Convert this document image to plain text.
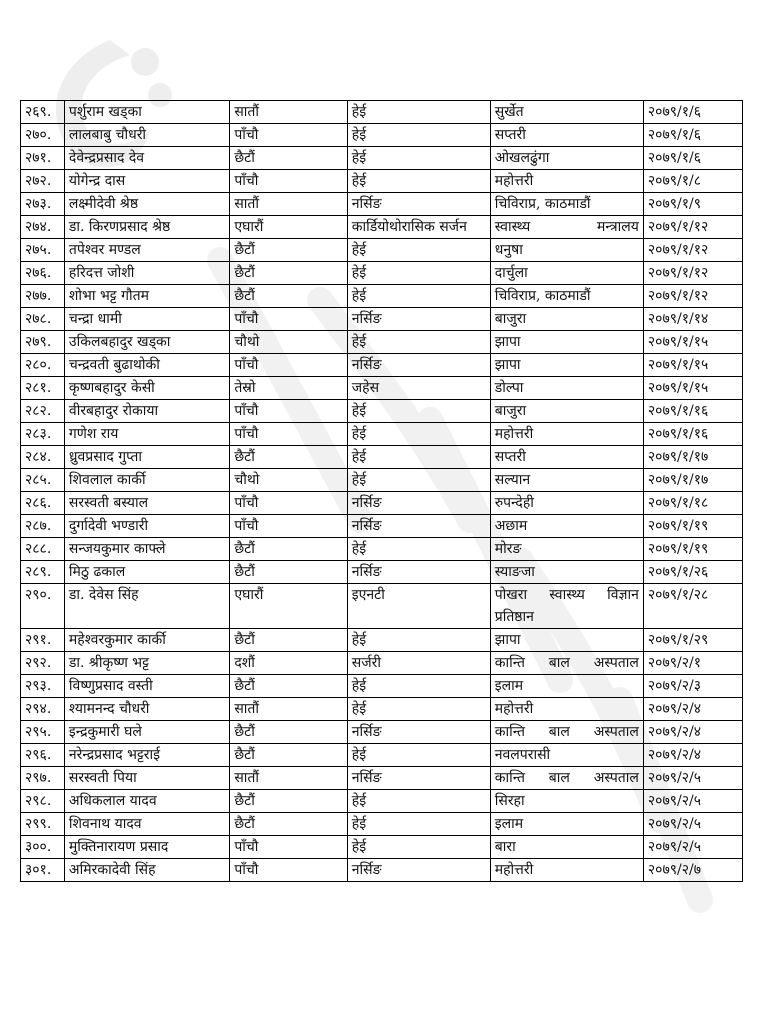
२६९.	पर्शुराम खड्का	सातौं	हेई	सुर्खेत	२०७९/१/६
२७०.	लालबाबु चौधरी	पाँचौ	हेई	सप्तरी	२०७९/१/६
२७१.	देवेन्द्रप्रसाद देव	छैटौं	हेई	ओखलढुंगा	२०७९/१/६
२७२.	योगेन्द्र दास	पाँचौ	हेई	महोत्तरी	२०७९/१/८
२७३.	लक्ष्मीदेवी श्रेष्ठ	सातौं	नर्सिङ	चिविराप्र, काठमाडौं	२०७९/१/९
२७४.	डा. किरणप्रसाद श्रेष्ठ	एघारौं	कार्डियोथोरासिक सर्जन	स्वास्थ्य मन्त्रालय	२०७९/१/१२
२७५.	तपेश्वर मण्डल	छैटौं	हेई	धनुषा	२०७९/१/१२
२७६.	हरिदत्त जोशी	छैटौं	हेई	दार्चुला	२०७९/१/१२
२७७.	शोभा भट्ट गौतम	छैटौं	हेई	चिविराप्र, काठमाडौं	२०७९/१/१२
२७८.	चन्द्रा धामी	पाँचौ	नर्सिङ	बाजुरा	२०७९/१/१४
२७९.	उकिलबहादुर खड्का	चौथो	हेई	झापा	२०७९/१/१५
२८०.	चन्द्रवती बुढाथोकी	पाँचौ	नर्सिङ	झापा	२०७९/१/१५
२८१.	कृष्णबहादुर केसी	तेस्रो	जहेस	डोल्पा	२०७९/१/१५
२८२.	वीरबहादुर रोकाया	पाँचौ	हेई	बाजुरा	२०७९/१/१६
२८३.	गणेश राय	पाँचौ	हेई	महोत्तरी	२०७९/१/१६
२८४.	ध्रुवप्रसाद गुप्ता	छैटौं	हेई	सप्तरी	२०७९/१/१७
२८५.	शिवलाल कार्की	चौथो	हेई	सल्यान	२०७९/१/१७
२८६.	सरस्वती बस्याल	पाँचौ	नर्सिङ	रुपन्देही	२०७९/१/१८
२८७.	दुर्गादेवी भण्डारी	पाँचौ	नर्सिङ	अछाम	२०७९/१/१९
२८८.	सन्जयकुमार काफ्ले	छैटौं	हेई	मोरङ	२०७९/१/१९
२८९.	मिठु ढकाल	छैटौं	नर्सिङ	स्याङजा	२०७९/१/२६
२९०.	डा. देवेस सिंह	एघारौं	इएनटी	पोखरा स्वास्थ्य विज्ञान प्रतिष्ठान	२०७९/१/२८
२९१.	महेश्वरकुमार कार्की	छैटौं	हेई	झापा	२०७९/१/२९
२९२.	डा. श्रीकृष्ण भट्ट	दशौं	सर्जरी	कान्ति बाल अस्पताल	२०७९/२/१
२९३.	विष्णुप्रसाद वस्ती	छैटौं	हेई	इलाम	२०७९/२/३
२९४.	श्यामनन्द चौधरी	सातौं	हेई	महोत्तरी	२०७९/२/४
२९५.	इन्द्रकुमारी घले	छैटौं	नर्सिङ	कान्ति बाल अस्पताल	२०७९/२/४
२९६.	नरेन्द्रप्रसाद भट्टराई	छैटौं	हेई	नवलपरासी	२०७९/२/४
२९७.	सरस्वती पिया	सातौं	नर्सिङ	कान्ति बाल अस्पताल	२०७९/२/५
२९८.	अधिकलाल यादव	छैटौं	हेई	सिरहा	२०७९/२/५
२९९.	शिवनाथ यादव	छैटौं	हेई	इलाम	२०७९/२/५
३००.	मुक्तिनारायण प्रसाद	पाँचौ	हेई	बारा	२०७९/२/५
३०१.	अमिरकादेवी सिंह	पाँचौ	नर्सिङ	महोत्तरी	२०७९/२/७
